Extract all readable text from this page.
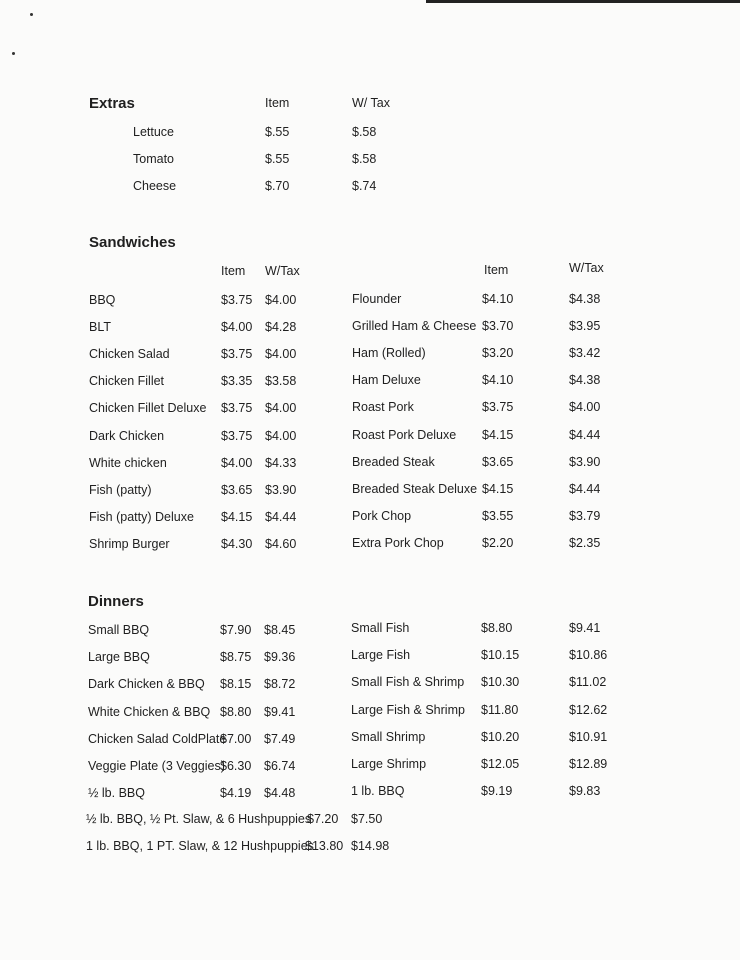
Extras	Item	W/ Tax
Lettuce	$.55	$.58
Tomato	$.55	$.58
Cheese	$.70	$.74
Sandwiches
Item W/Tax	Item	W/Tax
BBQ	$3.75 $4.00
BLT	$4.00 $4.28
Chicken Salad	$3.75 $4.00
Chicken Fillet	$3.35 $3.58
Chicken Fillet Deluxe $3.75 $4.00
Dark Chicken	$3.75 $4.00
White chicken	$4.00 $4.33
Fish (patty)	$3.65 $3.90
Fish (patty) Deluxe $4.15 $4.44
Shrimp Burger	$4.30 $4.60
Flounder	$4.10	$4.38
Grilled Ham & Cheese $3.70	$3.95
Ham (Rolled)	$3.20	$3.42
Ham Deluxe	$4.10	$4.38
Roast Pork	$3.75	$4.00
Roast Pork Deluxe $4.15	$4.44
Breaded Steak	$3.65	$3.90
Breaded Steak Deluxe $4.15	$4.44
Pork Chop	$3.55	$3.79
Extra Pork Chop	$2.20	$2.35
Dinners
Small BBQ	$7.90 $8.45
Large BBQ	$8.75 $9.36
Dark Chicken & BBQ $8.15 $8.72
White Chicken & BBQ $8.80 $9.41
Chicken Salad ColdPlate
$7.00 $7.49
Veggie Plate (3 Veggies)
$6.30 $6.74
½ lb. BBQ	$4.19 $4.48
Small Fish	$8.80	$9.41
Large Fish	$10.15	$10.86
Small Fish & Shrimp $10.30	$11.02
Large Fish & Shrimp $11.80	$12.62
Small Shrimp	$10.20	$10.91
Large Shrimp	$12.05	$12.89
1 lb. BBQ	$9.19	$9.83
½ lb. BBQ, ½ Pt. Slaw, & 6 Hushpuppies
$7.20 $7.50
1 lb. BBQ, 1 PT. Slaw, & 12 Hushpuppies
$13.80 $14.98
